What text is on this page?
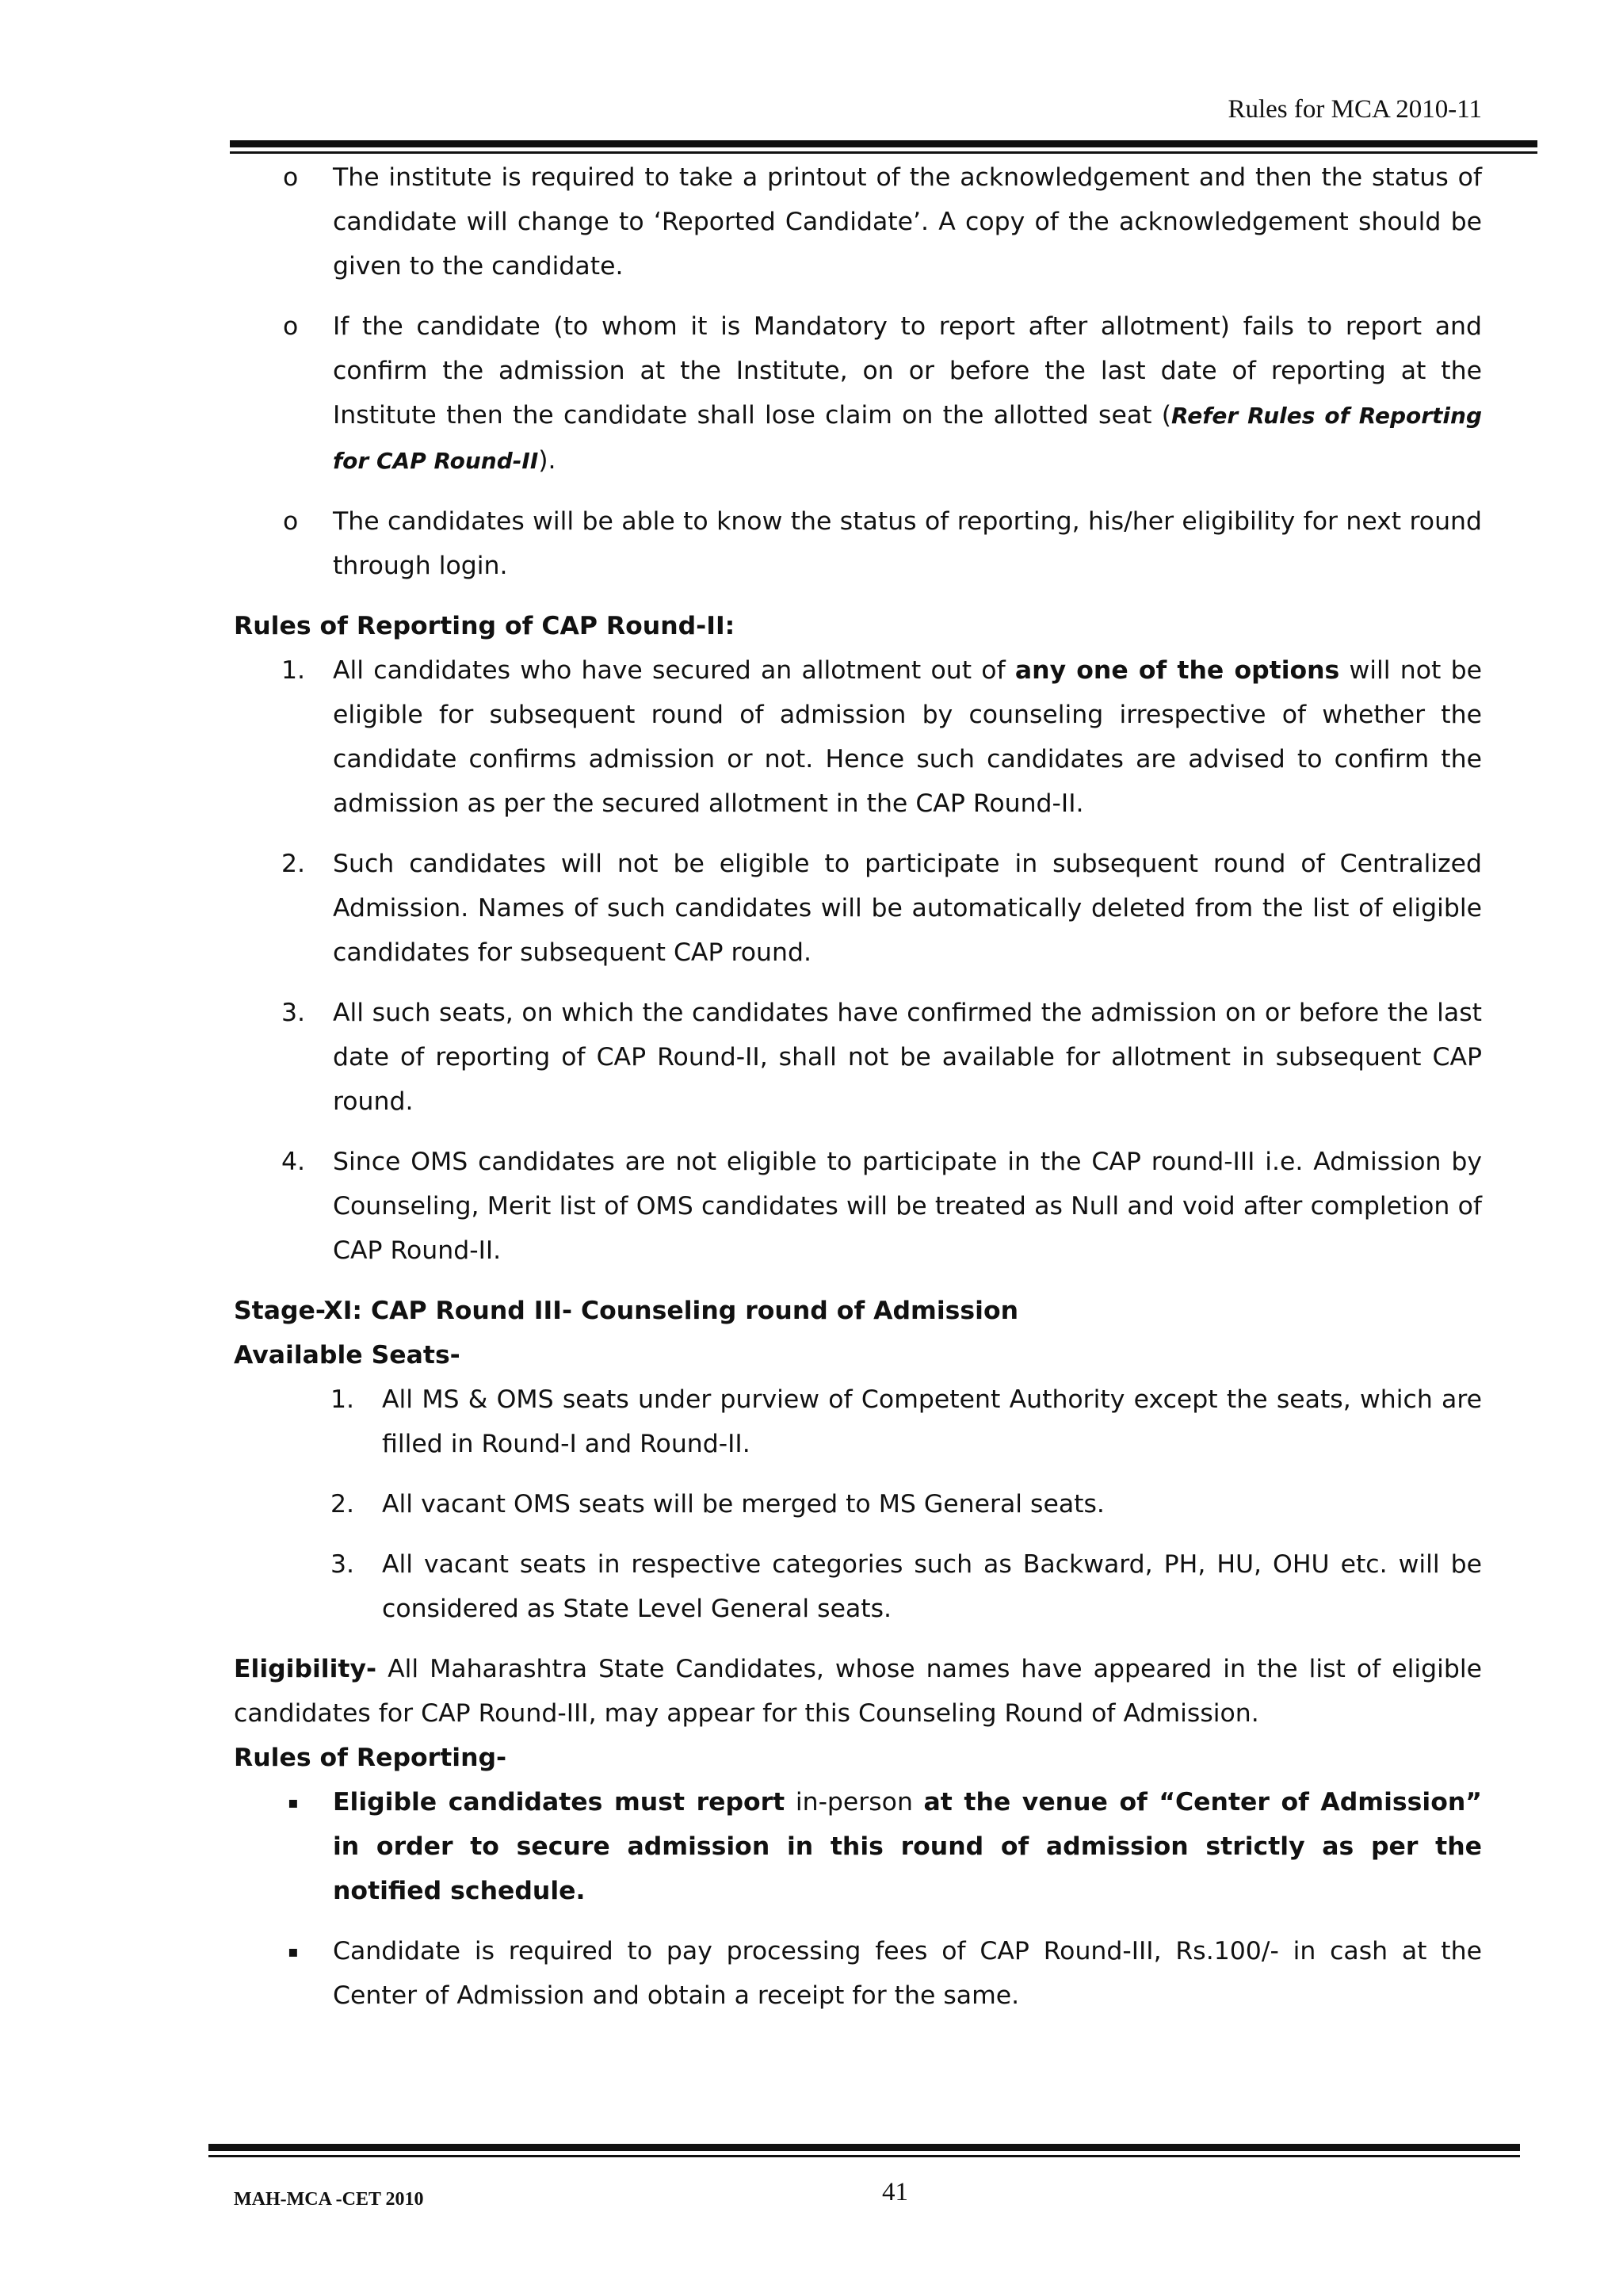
Rules for MCA 2010-11
o	The institute is required to take a printout of the acknowledgement and then the status of candidate will change to ‘Reported Candidate’. A copy of the acknowledgement should be given to the candidate.

o	If the candidate (to whom it is Mandatory to report after allotment) fails to report and confirm the admission at the Institute, on or before the last date of reporting at the Institute then the candidate shall lose claim on the allotted seat (Refer Rules of Reporting for CAP Round-II).

o	The candidates will be able to know the status of reporting, his/her eligibility for next round through login.

Rules of Reporting of CAP Round-II:

1. All candidates who have secured an allotment out of any one of the options will not be eligible for subsequent round of admission by counseling irrespective of whether the candidate confirms admission or not. Hence such candidates are advised to confirm the admission as per the secured allotment in the CAP Round-II.

2. Such candidates will not be eligible to participate in subsequent round of Centralized Admission. Names of such candidates will be automatically deleted from the list of eligible candidates for subsequent CAP round.

3. All such seats, on which the candidates have confirmed the admission on or before the last date of reporting of CAP Round-II, shall not be available for allotment in subsequent CAP round.

4. Since OMS candidates are not eligible to participate in the CAP round-III i.e. Admission by Counseling, Merit list of OMS candidates will be treated as Null and void after completion of CAP Round-II.

Stage-XI: CAP Round III- Counseling round of Admission

Available Seats-

1. All MS & OMS seats under purview of Competent Authority except the seats, which are filled in Round-I and Round-II.

2. All vacant OMS seats will be merged to MS General seats.

3. All vacant seats in respective categories such as Backward, PH, HU, OHU etc. will be considered as State Level General seats.

Eligibility- All Maharashtra State Candidates, whose names have appeared in the list of eligible candidates for CAP Round-III, may appear for this Counseling Round of Admission.

Rules of Reporting-

▪	Eligible candidates must report in-person at the venue of “Center of Admission” in order to secure admission in this round of admission strictly as per the notified schedule.

▪	Candidate is required to pay processing fees of CAP Round-III, Rs.100/- in cash at the Center of Admission and obtain a receipt for the same.

MAH-MCA -CET 2010	41
